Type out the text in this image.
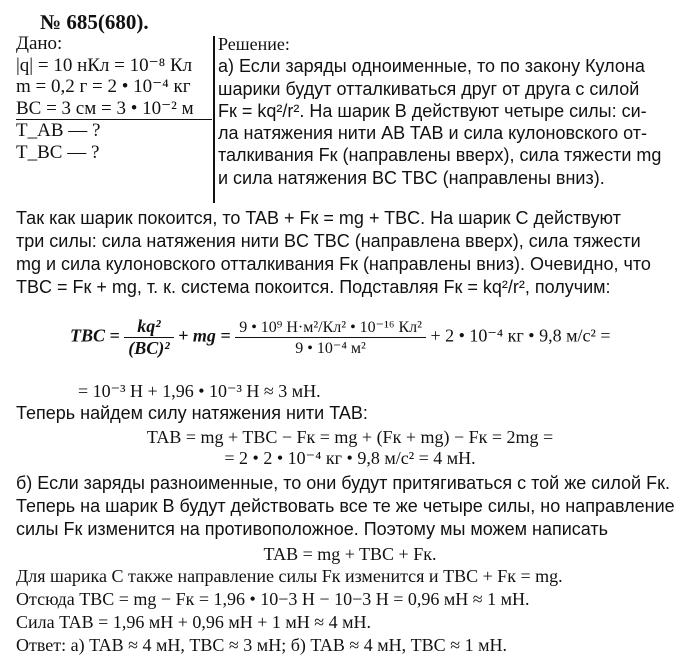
№ 685(680).
Дано:
|q| = 10 нКл = 10⁻⁸ Кл
m = 0,2 г = 2 • 10⁻⁴ кг
BC = 3 см = 3 • 10⁻² м
T_AB — ?
T_BC — ?
Решение:
а) Если заряды одноименные, то по закону Кулона
шарики будут отталкиваться друг от друга с силой
Fк = kq²/r². На шарик B действуют четыре силы: си-
ла натяжения нити AB TAB и сила кулоновского от-
талкивания Fк (направлены вверх), сила тяжести mg
и сила натяжения BC TBC (направлены вниз).
Так как шарик покоится, то TAB + Fк = mg + TBC. На шарик С действуют
три силы: сила натяжения нити BC TBC (направлена вверх), сила тяжести
mg и сила кулоновского отталкивания Fк (направлены вниз). Очевидно, что
TBC = Fк + mg, т. к. система покоится. Подставляя Fк = kq²/r², получим:
TBC = $\frac{\text{kq²}}{\text{(BC)²}}$ + mg = $\frac{\text{9 • 10⁹ Н·м²/Кл² • 10⁻¹⁶ Кл²}}{\text{9 • 10⁻⁴ м²}} + 2$ • 10⁻⁴ кг • 9,8 м/с² =
= 10⁻³ Н + 1,96 • 10⁻³ Н ≈ 3 мН.
Теперь найдем силу натяжения нити TAB:
TAB = mg + TBC − Fк = mg + (Fк + mg) − Fк = 2mg =
= 2 • 2 • 10⁻⁴ кг • 9,8 м/с² = 4 мН.
б) Если заряды разноименные, то они будут притягиваться с той же силой Fк.
Теперь на шарик B будут действовать все те же четыре силы, но направление
силы Fк изменится на противоположное. Поэтому мы можем написать
TAB = mg + TBC + Fк.
Для шарика C также направление силы Fк изменится и TBC + Fк = mg.
Отсюда TBC = mg − Fк = 1,96 • 10−3 Н − 10−3 Н = 0,96 мН ≈ 1 мН.
Сила TAB = 1,96 мН + 0,96 мН + 1 мН ≈ 4 мН.
Ответ: а) TAB ≈ 4 мН, TBC ≈ 3 мН; б) TAB ≈ 4 мН, TBC ≈ 1 мН.
